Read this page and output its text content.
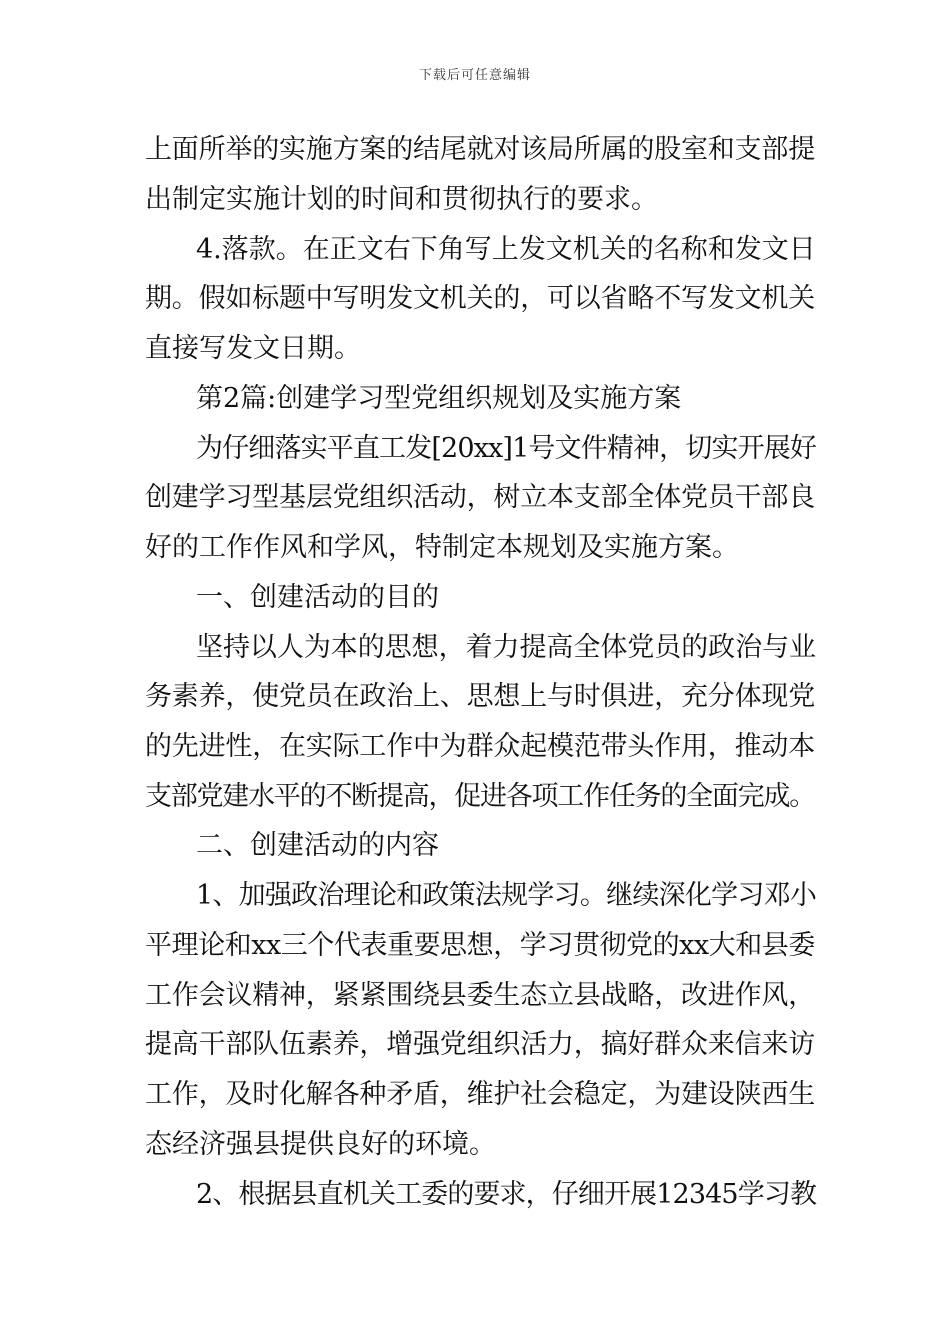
下载后可任意编辑
上面所举的实施方案的结尾就对该局所属的股室和支部提
出制定实施计划的时间和贯彻执行的要求。
4.落款。在正文右下角写上发文机关的名称和发文日
期。假如标题中写明发文机关的，可以省略不写发文机关
直接写发文日期。
第2篇:创建学习型党组织规划及实施方案
为仔细落实平直工发[20xx]1号文件精神，切实开展好
创建学习型基层党组织活动，树立本支部全体党员干部良
好的工作作风和学风，特制定本规划及实施方案。
一、创建活动的目的
坚持以人为本的思想，着力提高全体党员的政治与业
务素养，使党员在政治上、思想上与时俱进，充分体现党
的先进性，在实际工作中为群众起模范带头作用，推动本
支部党建水平的不断提高，促进各项工作任务的全面完成。
二、创建活动的内容
1、加强政治理论和政策法规学习。继续深化学习邓小
平理论和xx三个代表重要思想，学习贯彻党的xx大和县委
工作会议精神，紧紧围绕县委生态立县战略，改进作风，
提高干部队伍素养，增强党组织活力，搞好群众来信来访
工作，及时化解各种矛盾，维护社会稳定，为建设陕西生
态经济强县提供良好的环境。
2、根据县直机关工委的要求，仔细开展12345学习教
